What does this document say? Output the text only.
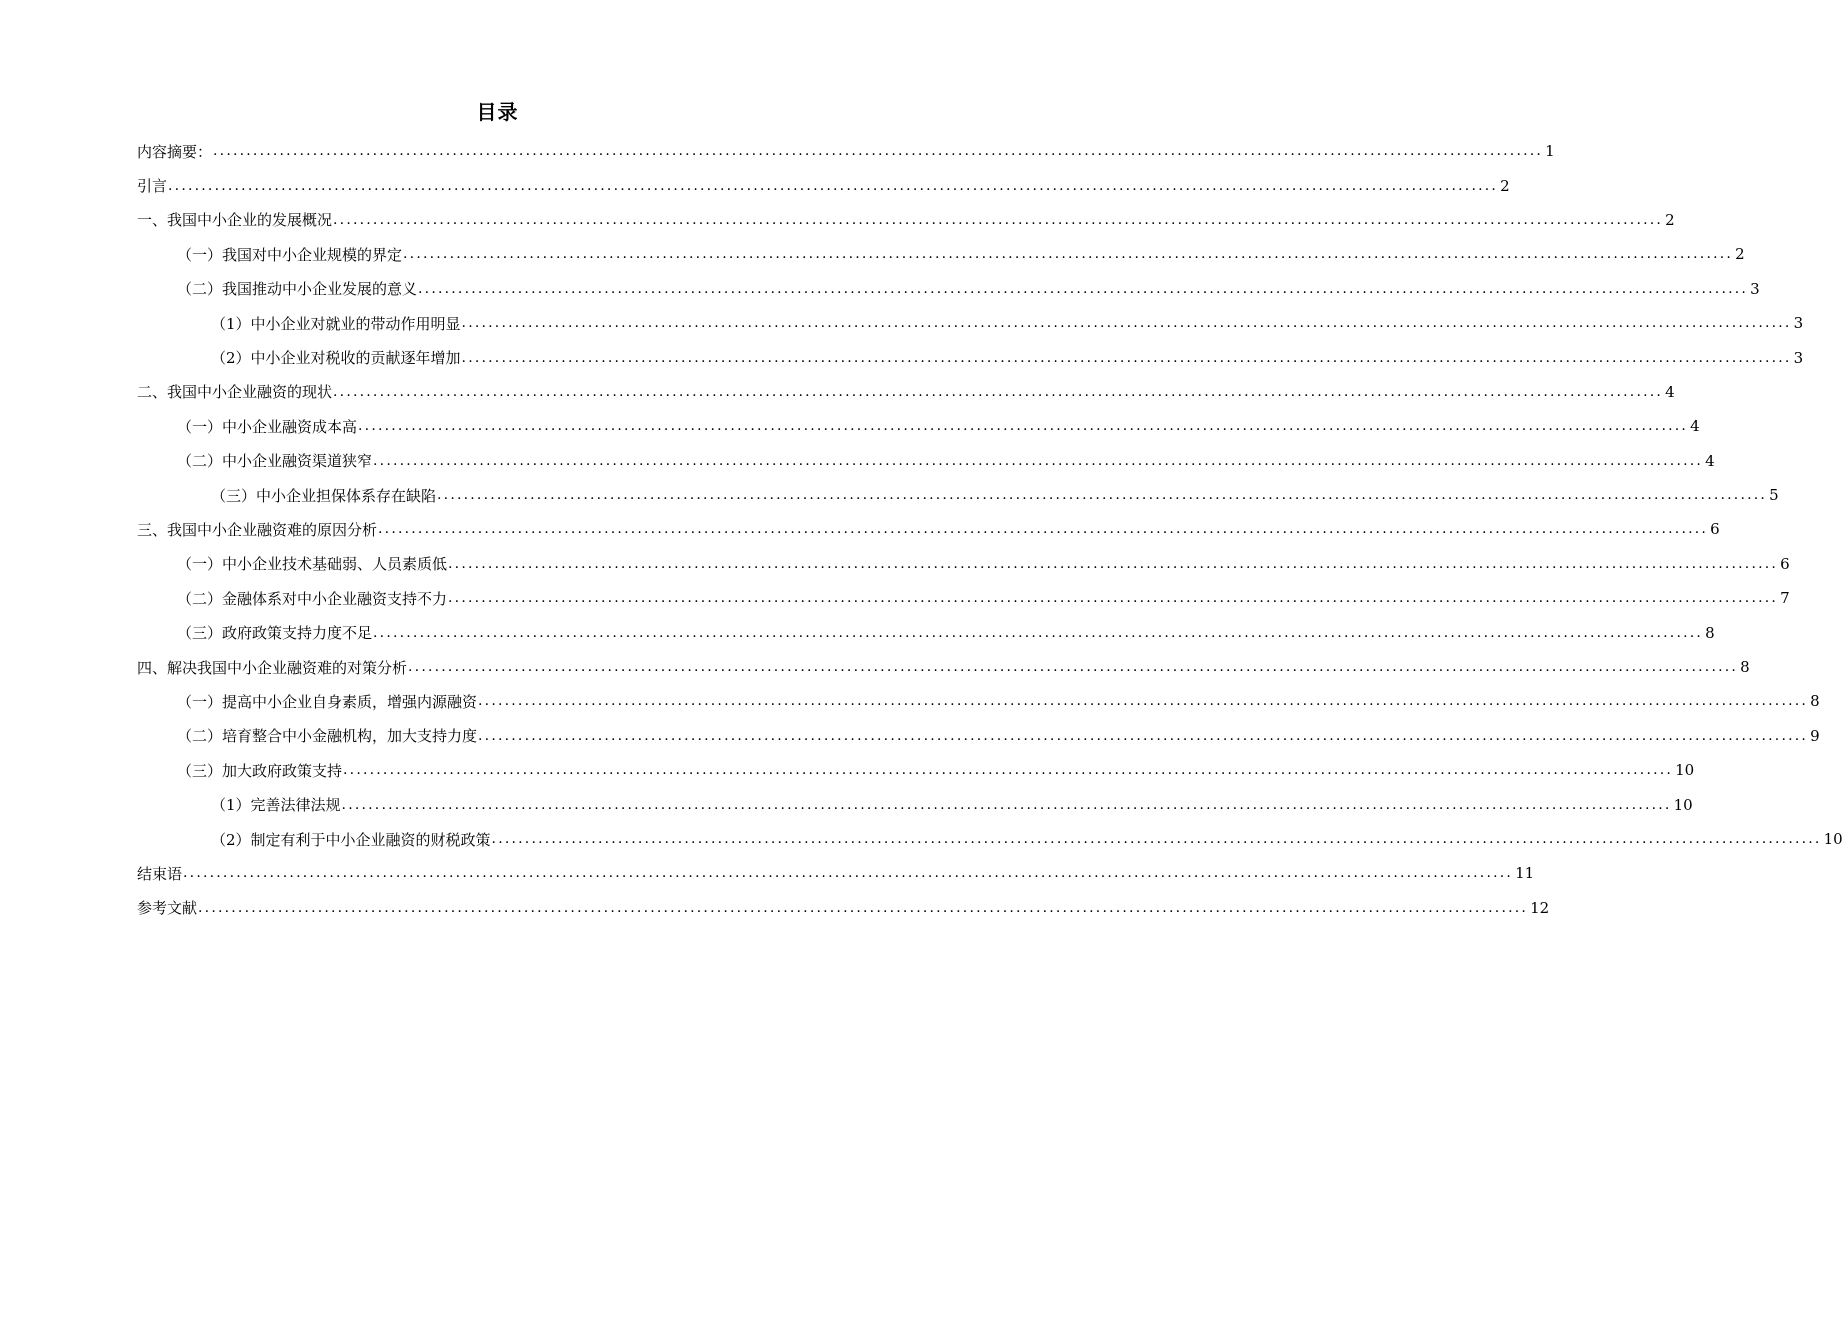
目录
内容摘要： ........................................................................................................................................................................................................ 1
引言 ........................................................................................................................................................................................................ 2
一、我国中小企业的发展概况 ........................................................................................................................................................................................................ 2
（一）我国对中小企业规模的界定 ........................................................................................................................................................................................................ 2
（二）我国推动中小企业发展的意义 ........................................................................................................................................................................................................ 3
（1）中小企业对就业的带动作用明显 ........................................................................................................................................................................................................ 3
（2）中小企业对税收的贡献逐年增加 ........................................................................................................................................................................................................ 3
二、我国中小企业融资的现状 ........................................................................................................................................................................................................ 4
（一）中小企业融资成本高 ........................................................................................................................................................................................................ 4
（二）中小企业融资渠道狭窄 ........................................................................................................................................................................................................ 4
（三）中小企业担保体系存在缺陷 ........................................................................................................................................................................................................ 5
三、我国中小企业融资难的原因分析 ........................................................................................................................................................................................................ 6
（一）中小企业技术基础弱、人员素质低 ........................................................................................................................................................................................................ 6
（二）金融体系对中小企业融资支持不力 ........................................................................................................................................................................................................ 7
（三）政府政策支持力度不足 ........................................................................................................................................................................................................ 8
四、解决我国中小企业融资难的对策分析 ........................................................................................................................................................................................................ 8
（一）提高中小企业自身素质，增强内源融资 ........................................................................................................................................................................................................ 8
（二）培育整合中小金融机构，加大支持力度 ........................................................................................................................................................................................................ 9
（三）加大政府政策支持 ........................................................................................................................................................................................................ 10
（1）完善法律法规 ........................................................................................................................................................................................................ 10
（2）制定有利于中小企业融资的财税政策 ........................................................................................................................................................................................................ 10
结束语 ........................................................................................................................................................................................................ 11
参考文献 ........................................................................................................................................................................................................ 12
